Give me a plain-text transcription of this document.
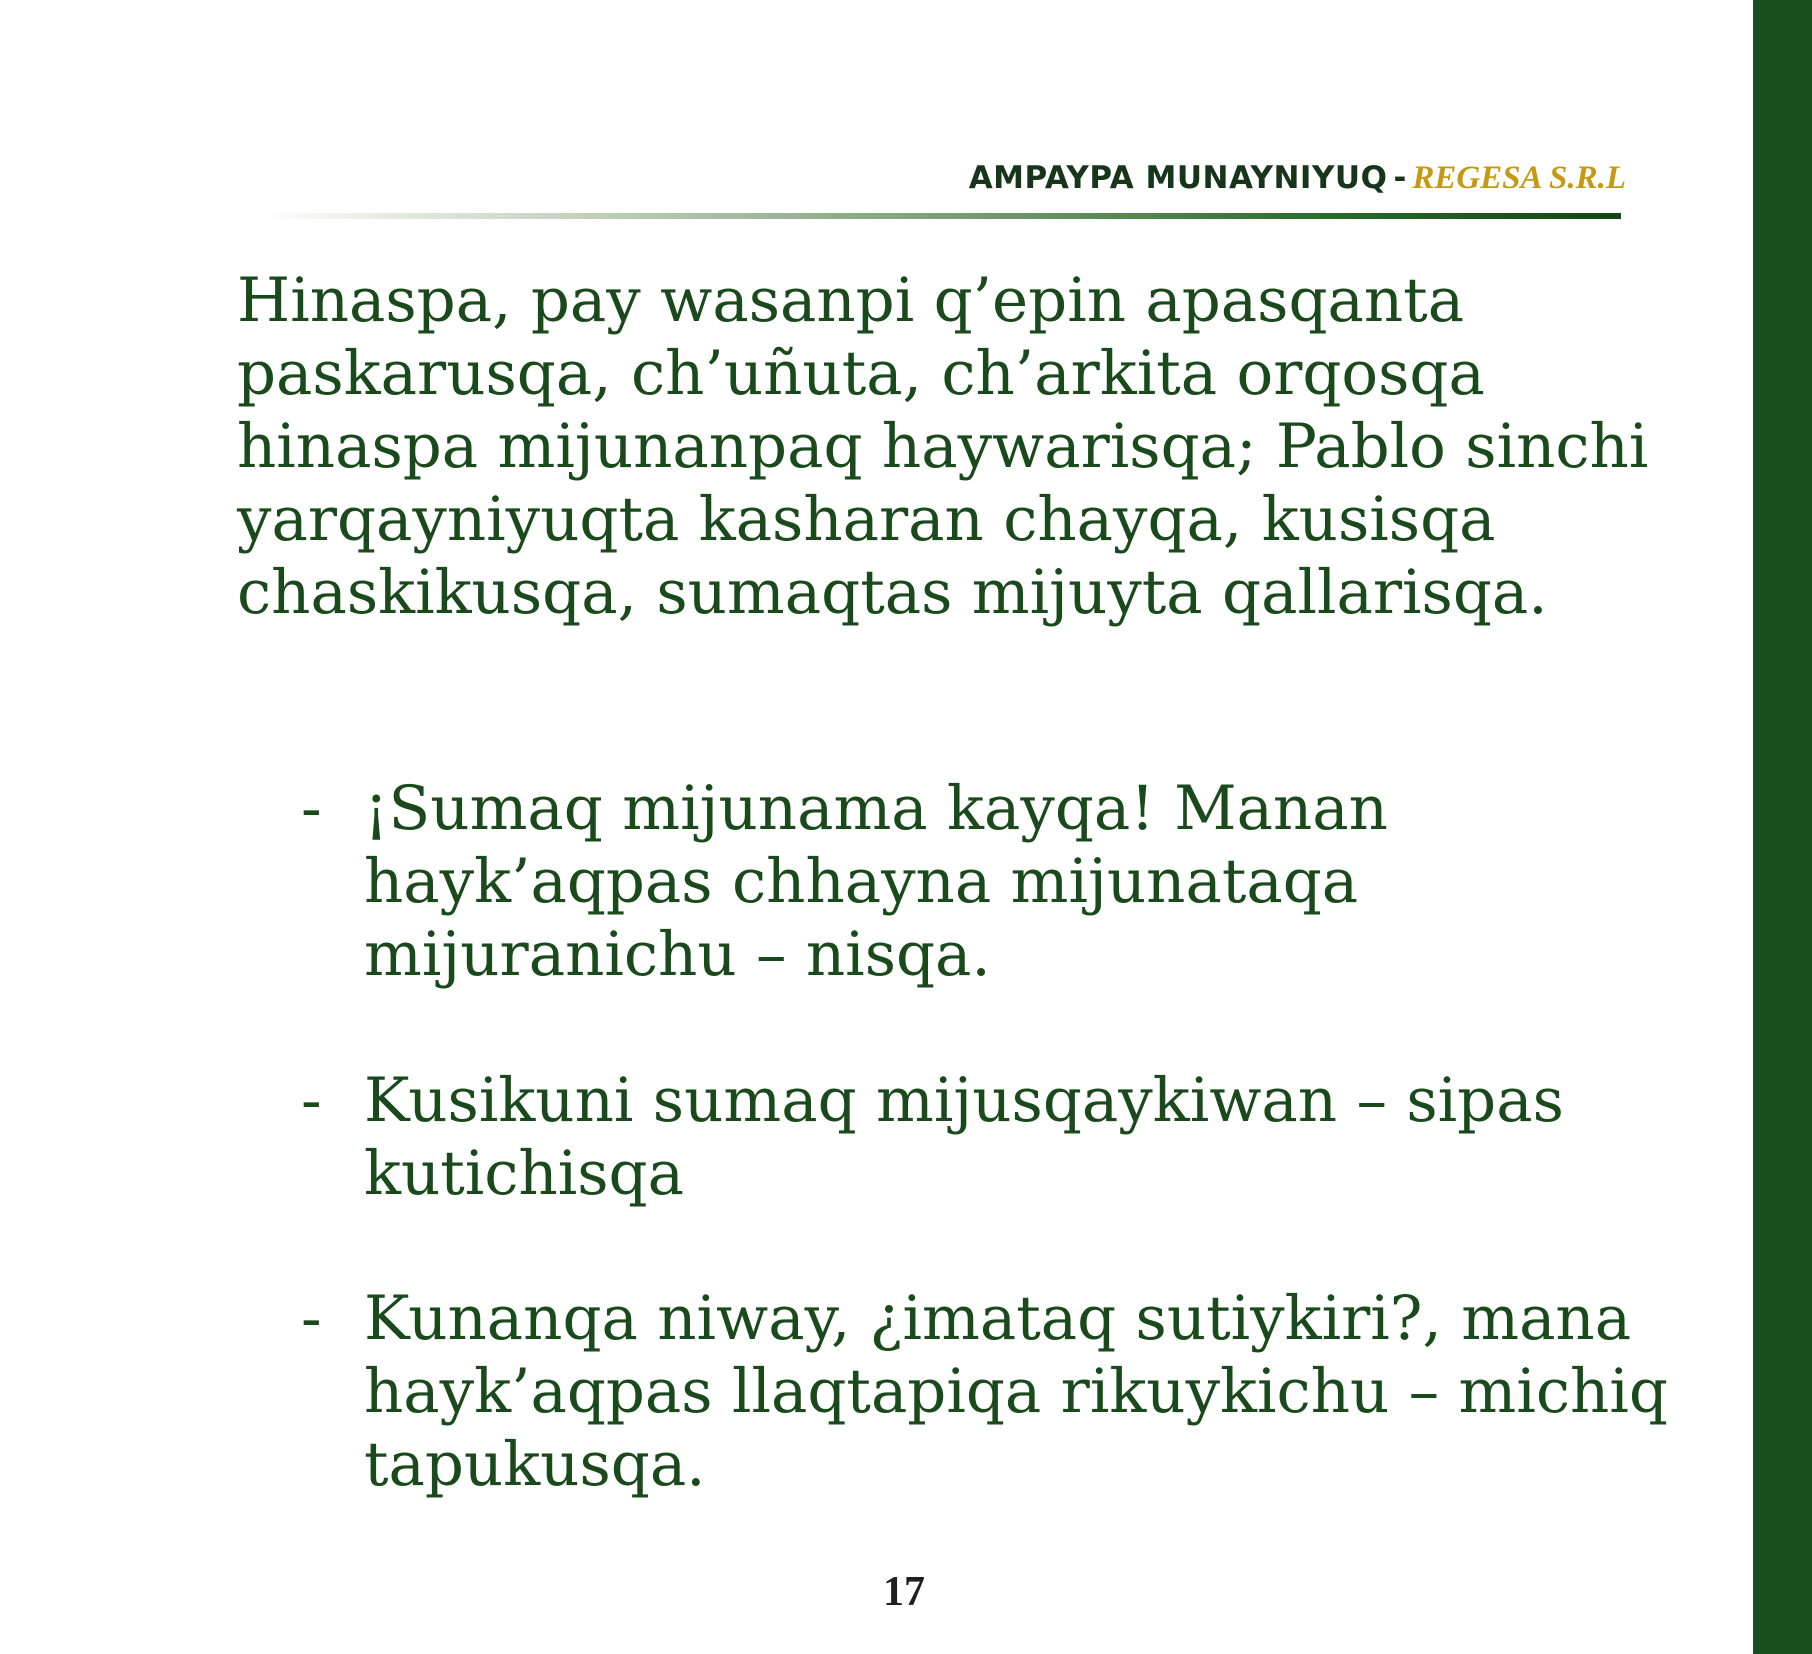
AMPAYPA MUNAYNIYUQ - REGESA S.R.L

Hinaspa, pay wasanpi q’epin apasqanta paskarusqa, ch’uñuta, ch’arkita orqosqa hinaspa mijunanpaq haywarisqa; Pablo sinchi yarqayniyuqta kasharan chayqa, kusisqa chaskikusqa, sumaqtas mijuyta qallarisqa.

- ¡Sumaq mijunama kayqa! Manan hayk’aqpas chhayna mijunataqa mijuranichu – nisqa.
- Kusikuni sumaq mijusqaykiwan – sipas kutichisqa
- Kunanqa niway, ¿imataq sutiykiri?, mana hayk’aqpas llaqtapiqa rikuykichu – michiq tapukusqa.
17
